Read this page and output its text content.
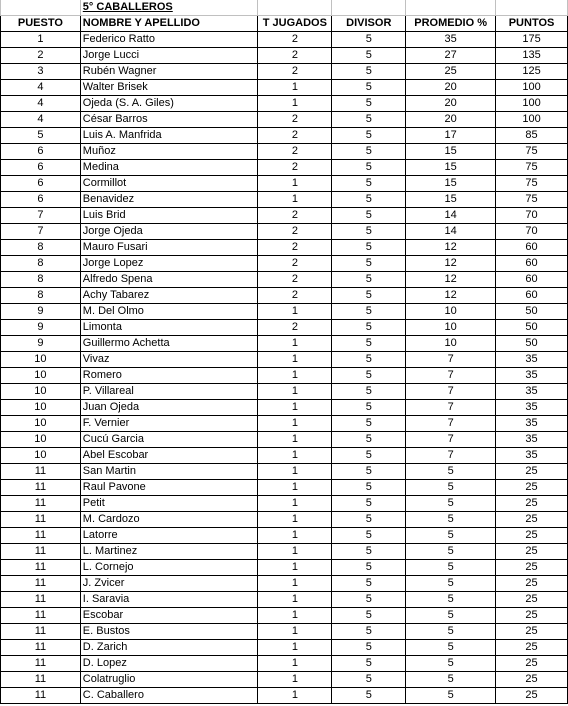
	5° CABALLEROS				
PUESTO	NOMBRE Y APELLIDO	T JUGADOS	DIVISOR	PROMEDIO %	PUNTOS
1	Federico Ratto	2	5	35	175
2	Jorge Lucci	2	5	27	135
3	Rubén Wagner	2	5	25	125
4	Walter Brisek	1	5	20	100
4	Ojeda (S. A. Giles)	1	5	20	100
4	César Barros	2	5	20	100
5	Luis A. Manfrida	2	5	17	85
6	Muñoz	2	5	15	75
6	Medina	2	5	15	75
6	Cormillot	1	5	15	75
6	Benavidez	1	5	15	75
7	Luis Brid	2	5	14	70
7	Jorge Ojeda	2	5	14	70
8	Mauro Fusari	2	5	12	60
8	Jorge Lopez	2	5	12	60
8	Alfredo Spena	2	5	12	60
8	Achy Tabarez	2	5	12	60
9	M. Del Olmo	1	5	10	50
9	Limonta	2	5	10	50
9	Guillermo Achetta	1	5	10	50
10	Vivaz	1	5	7	35
10	Romero	1	5	7	35
10	P. Villareal	1	5	7	35
10	Juan Ojeda	1	5	7	35
10	F. Vernier	1	5	7	35
10	Cucú Garcia	1	5	7	35
10	Abel Escobar	1	5	7	35
11	San Martin	1	5	5	25
11	Raul Pavone	1	5	5	25
11	Petit	1	5	5	25
11	M. Cardozo	1	5	5	25
11	Latorre	1	5	5	25
11	L. Martinez	1	5	5	25
11	L. Cornejo	1	5	5	25
11	J. Zvicer	1	5	5	25
11	I. Saravia	1	5	5	25
11	Escobar	1	5	5	25
11	E. Bustos	1	5	5	25
11	D. Zarich	1	5	5	25
11	D. Lopez	1	5	5	25
11	Colatruglio	1	5	5	25
11	C. Caballero	1	5	5	25
